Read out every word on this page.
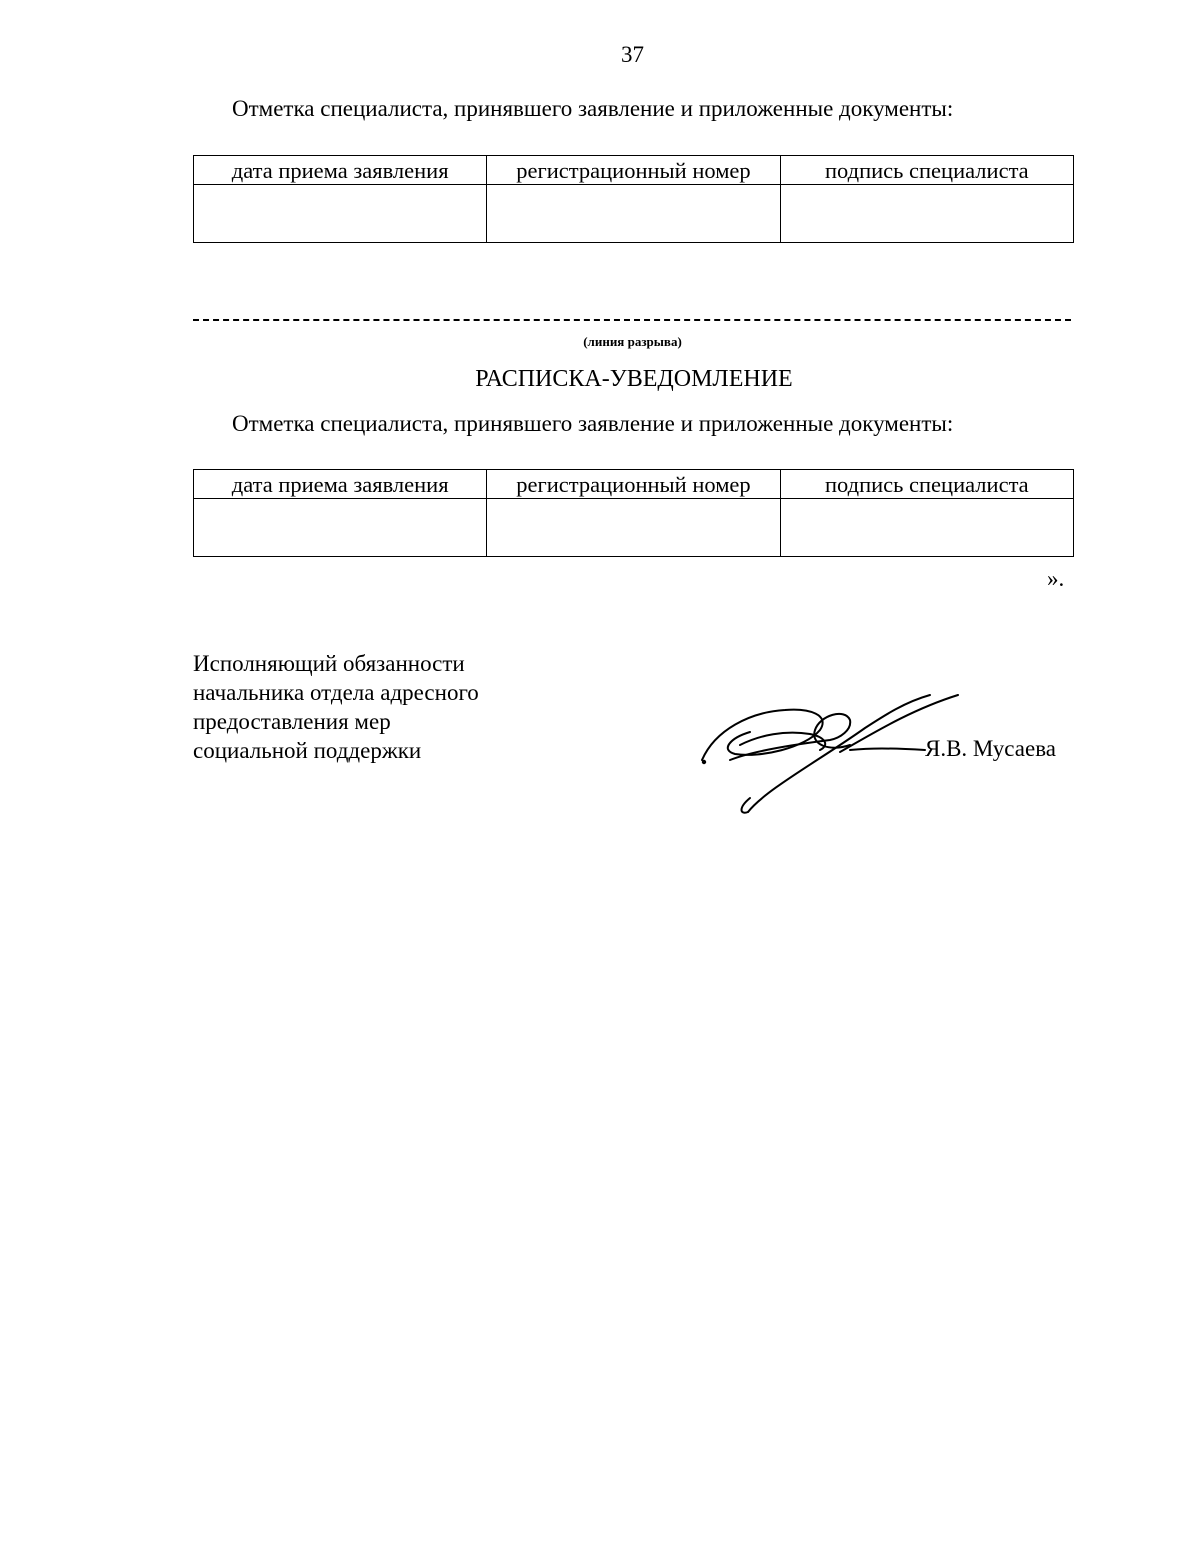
37
Отметка специалиста, принявшего заявление и приложенные документы:
дата приема заявления	регистрационный номер	подпись специалиста

(линия разрыва)
РАСПИСКА-УВЕДОМЛЕНИЕ
Отметка специалиста, принявшего заявление и приложенные документы:
дата приема заявления	регистрационный номер	подпись специалиста

».
Исполняющий обязанности
начальника отдела адресного
предоставления мер
социальной поддержки	Я.В. Мусаева
